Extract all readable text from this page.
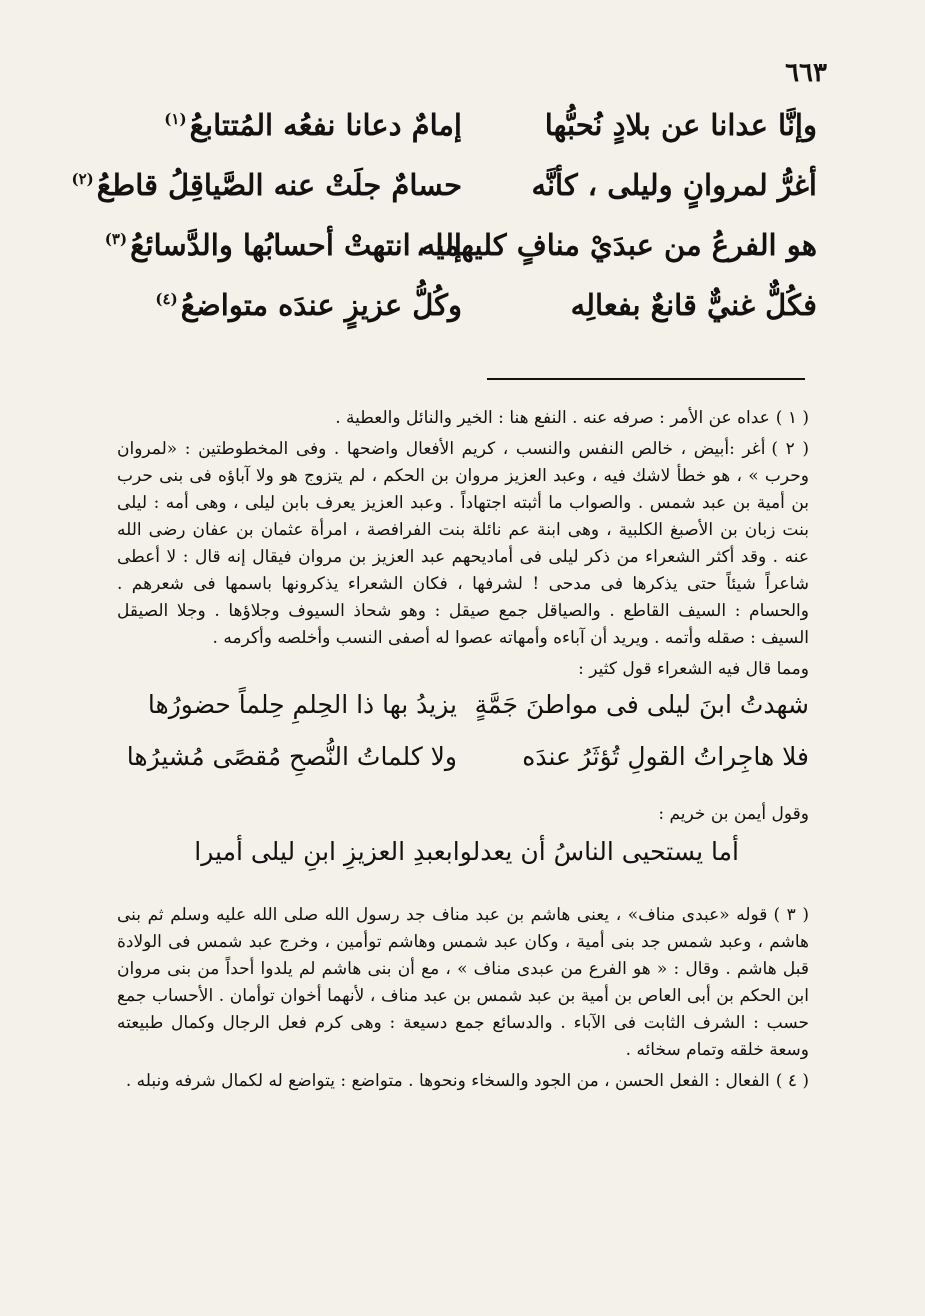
٦٦٣
وإنَّا عدانا عن بلادٍ نُحبُّها
إمامٌ دعانا نفعُه المُتتابعُ$^{(١)}$
أغرُّ لمروانٍ وليلى ، كأنَّه
حسامٌ جلَتْ عنه الصَّياقِلُ قاطعُ$^{(٢)}$
هو الفرعُ من عبدَيْ منافٍ كليهما ،
إليه انتهتْ أحسابُها والدَّسائعُ$^{(٣)}$
فكُلٌّ غنيٌّ قانعٌ بفعالِه
وكُلُّ عزيزٍ عندَه متواضعُ$^{(٤)}$

( ١ )عداه عن الأمر : صرفه عنه . النفع هنا : الخير والنائل والعطية .

( ٢ )أغر :أبيض ، خالص النفس والنسب ، كريم الأفعال واضحها . وفى المخطوطتين : «لمروان وحرب » ، هو خطأ لاشك فيه ، وعبد العزيز مروان بن الحكم ، لم يتزوج هو ولا آباؤه فى بنى حرب بن أمية بن عبد شمس . والصواب ما أثبته اجتهاداً . وعبد العزيز يعرف بابن ليلى ، وهى أمه : ليلى بنت زبان بن الأصبغ الكلبية ، وهى ابنة عم نائلة بنت الفرافصة ، امرأة عثمان بن عفان رضى الله عنه . وقد أكثر الشعراء من ذكر ليلى فى أماديحهم عبد العزيز بن مروان فيقال إنه قال : لا أعطى شاعراً شيئاً حتى يذكرها فى مدحى ! لشرفها ، فكان الشعراء يذكرونها باسمها فى شعرهم . والحسام : السيف القاطع . والصياقل جمع صيقل : وهو شحاذ السيوف وجلاؤها . وجلا الصيقل السيف : صقله وأتمه . ويريد أن آباءه وأمهاته عصوا له أصفى النسب وأخلصه وأكرمه .

ومما قال فيه الشعراء قول كثير :

شهدتُ ابنَ ليلى فى مواطنَ جَمَّةٍ
يزيدُ بها ذا الحِلمِ حِلماً حضورُها
فلا هاجِراتُ القولِ تُؤثَرُ عندَه
ولا كلماتُ النُّصحِ مُقصًى مُشيرُها

وقول أيمن بن خريم :

أما يستحيى الناسُ أن يعدلوا
بعبدِ العزيزِ ابنِ ليلى أميرا

( ٣ )قوله «عبدى مناف» ، يعنى هاشم بن عبد مناف جد رسول الله صلى الله عليه وسلم ثم بنى هاشم ، وعبد شمس جد بنى أمية ، وكان عبد شمس وهاشم توأمين ، وخرج عبد شمس فى الولادة قبل هاشم . وقال : « هو الفرع من عبدى مناف » ، مع أن بنى هاشم لم يلدوا أحداً من بنى مروان ابن الحكم بن أبى العاص بن أمية بن عبد شمس بن عبد مناف ، لأنهما أخوان توأمان . الأحساب جمع حسب : الشرف الثابت فى الآباء . والدسائع جمع دسيعة : وهى كرم فعل الرجال وكمال طبيعته وسعة خلقه وتمام سخائه .

( ٤ )الفعال : الفعل الحسن ، من الجود والسخاء ونحوها . متواضع : يتواضع له لكمال شرفه ونبله .
